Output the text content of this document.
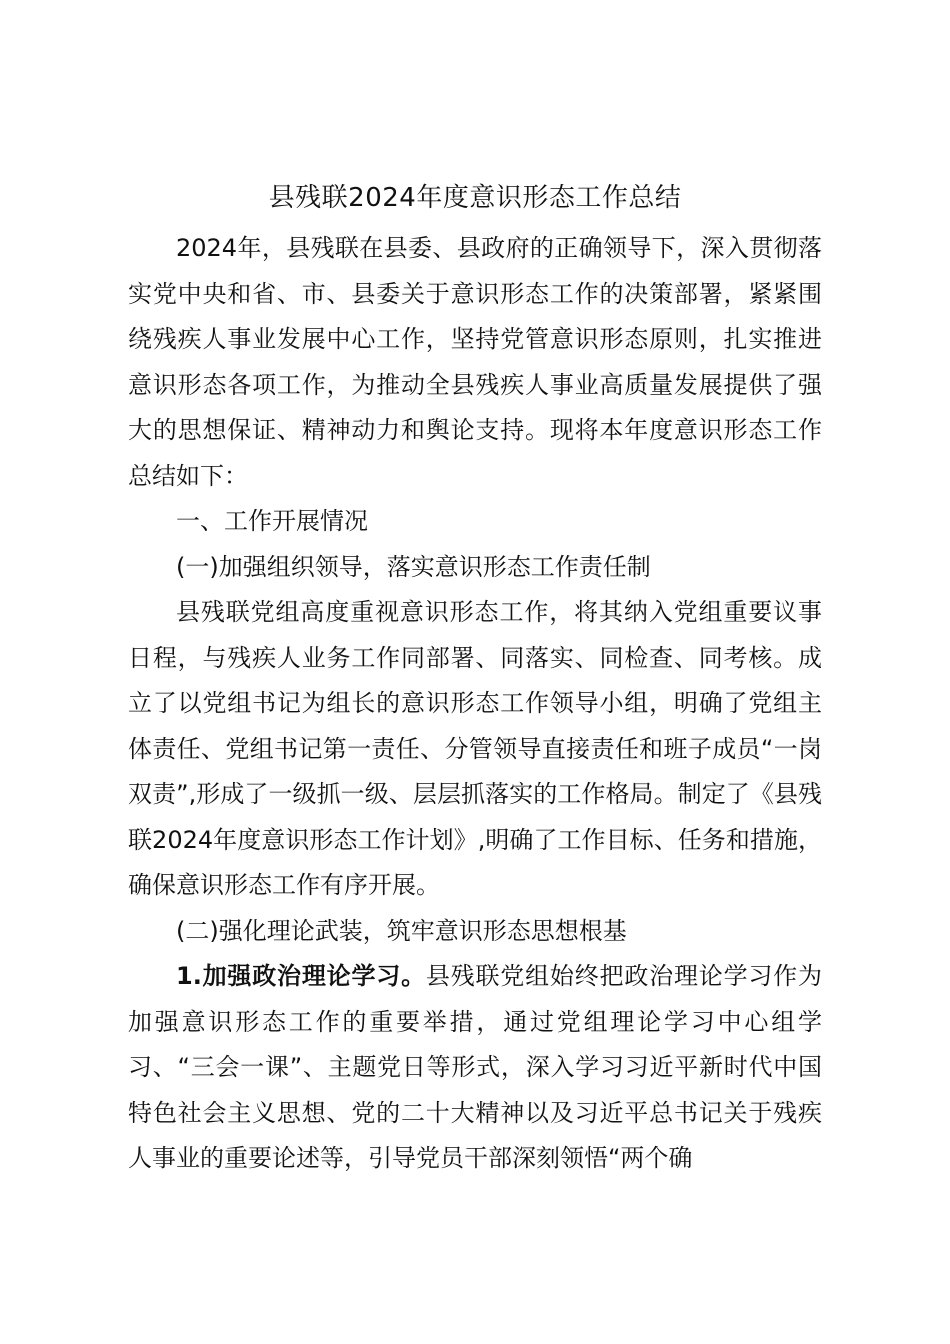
县残联2024年度意识形态工作总结

2024年，县残联在县委、县政府的正确领导下，深入贯彻落实党中央和省、市、县委关于意识形态工作的决策部署，紧紧围绕残疾人事业发展中心工作，坚持党管意识形态原则，扎实推进意识形态各项工作，为推动全县残疾人事业高质量发展提供了强大的思想保证、精神动力和舆论支持。现将本年度意识形态工作总结如下：

一、工作开展情况

(一)加强组织领导，落实意识形态工作责任制

县残联党组高度重视意识形态工作，将其纳入党组重要议事日程，与残疾人业务工作同部署、同落实、同检查、同考核。成立了以党组书记为组长的意识形态工作领导小组，明确了党组主体责任、党组书记第一责任、分管领导直接责任和班子成员“一岗双责”,形成了一级抓一级、层层抓落实的工作格局。制定了《县残联2024年度意识形态工作计划》,明确了工作目标、任务和措施，确保意识形态工作有序开展。

(二)强化理论武装，筑牢意识形态思想根基

1.加强政治理论学习。县残联党组始终把政治理论学习作为加强意识形态工作的重要举措，通过党组理论学习中心组学习、“三会一课”、主题党日等形式，深入学习习近平新时代中国特色社会主义思想、党的二十大精神以及习近平总书记关于残疾人事业的重要论述等，引导党员干部深刻领悟“两个确
